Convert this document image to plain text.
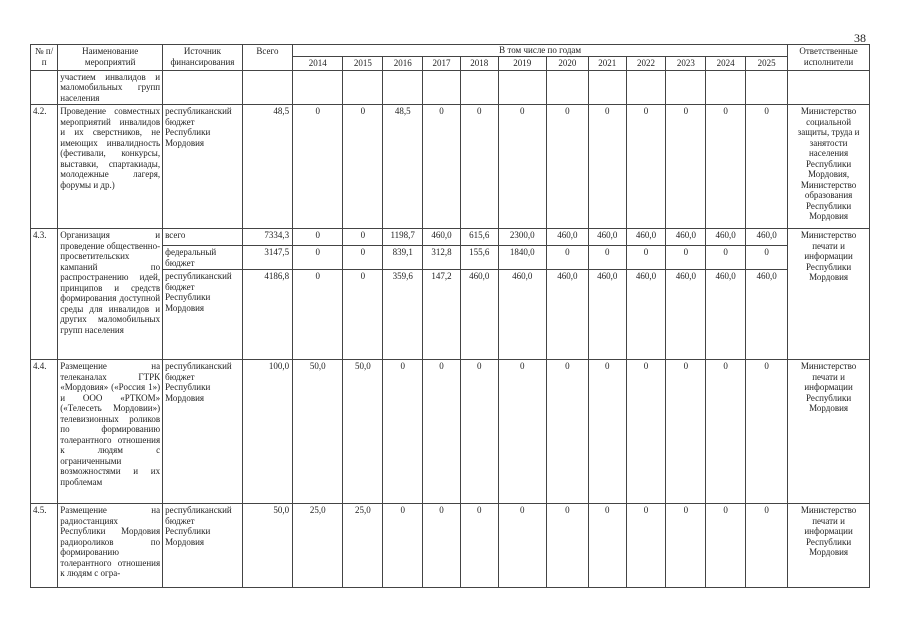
38
№ п/п	Наименование мероприятий	Источник финансирования	Всего	В том числе по годам												Ответственные исполнители
				2014	2015	2016	2017	2018	2019	2020	2021	2022	2023	2024	2025	
	участием инвалидов и маломобильных групп населения															
4.2.	Проведение совместных мероприятий инвалидов и их сверстников, не имеющих инвалидность (фестивали, конкурсы, выставки, спартакиады, молодежные лагеря, форумы и др.)	республиканский бюджет Республики Мордовия	48,5	0	0	48,5	0	0	0	0	0	0	0	0	0	Министерство социальной защиты, труда и занятости населения Республики Мордовия, Министерство образования Республики Мордовия
4.3.	Организация и проведение общественно-просветительских кампаний по распространению идей, принципов и средств формирования доступной среды для инвалидов и других маломобильных групп населения	всего	7334,3	0	0	1198,7	460,0	615,6	2300,0	460,0	460,0	460,0	460,0	460,0	460,0	Министерство печати и информации Республики Мордовия
		федеральный бюджет	3147,5	0	0	839,1	312,8	155,6	1840,0	0	0	0	0	0	0	
		республиканский бюджет Республики Мордовия	4186,8	0	0	359,6	147,2	460,0	460,0	460,0	460,0	460,0	460,0	460,0	460,0	
4.4.	Размещение на телеканалах ГТРК «Мордовия» («Россия 1») и ООО «РТКОМ» («Телесеть Мордовии») телевизионных роликов по формированию толерантного отношения к людям с ограниченными возможностями и их проблемам	республиканский бюджет Республики Мордовия	100,0	50,0	50,0	0	0	0	0	0	0	0	0	0	0	Министерство печати и информации Республики Мордовия
4.5.	Размещение на радиостанциях Республики Мордовия радиороликов по формированию толерантного отношения к людям с огра-	республиканский бюджет Республики Мордовия	50,0	25,0	25,0	0	0	0	0	0	0	0	0	0	0	Министерство печати и информации Республики Мордовия
